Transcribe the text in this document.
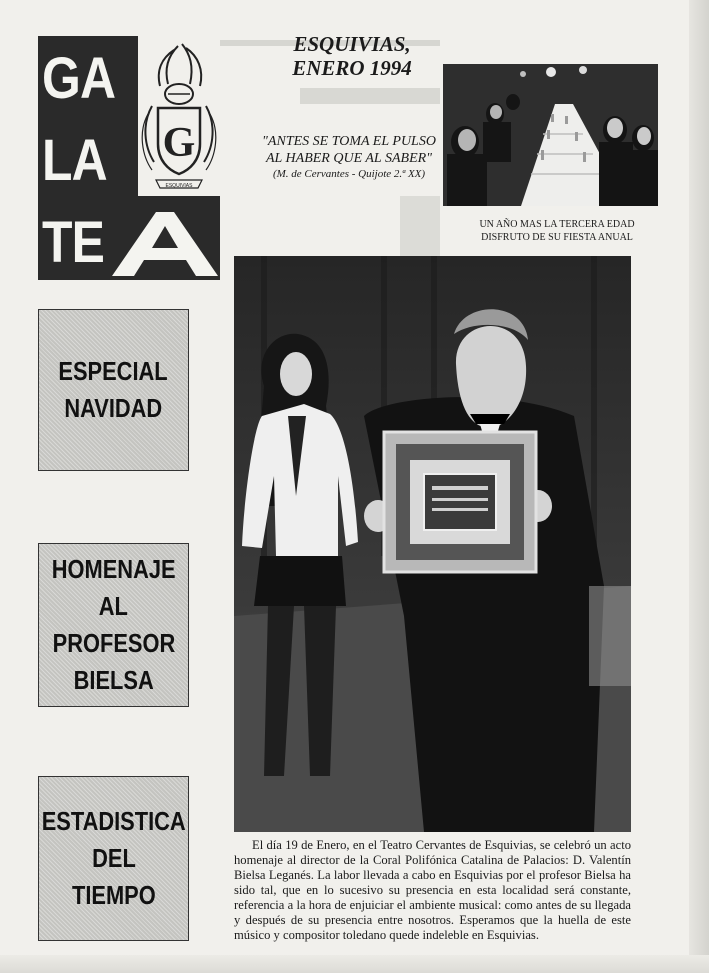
GA
LA
TE
G
ESQUIVIAS
ESQUIVIAS,
ENERO 1994
"ANTES SE TOMA EL PULSO
AL HABER QUE AL SABER"
(M. de Cervantes - Quijote 2.ª XX)
UN AÑO MAS LA TERCERA EDAD
DISFRUTO DE SU FIESTA ANUAL
ESPECIAL
NAVIDAD
HOMENAJE
AL
PROFESOR
BIELSA
ESTADISTICA
DEL
TIEMPO

El día 19 de Enero, en el Teatro Cervantes de Esquivias, se celebró un acto homenaje al director de la Coral Polifónica Catalina de Palacios: D. Valentín Bielsa Leganés. La labor llevada a cabo en Esquivias por el profesor Bielsa ha sido tal, que en lo sucesivo su presencia en esta localidad será constante, referencia a la hora de enjuiciar el ambiente musical: como antes de su llegada y después de su presencia entre nosotros. Esperamos que la huella de este músico y compositor toledano quede indeleble en Esquivias.
